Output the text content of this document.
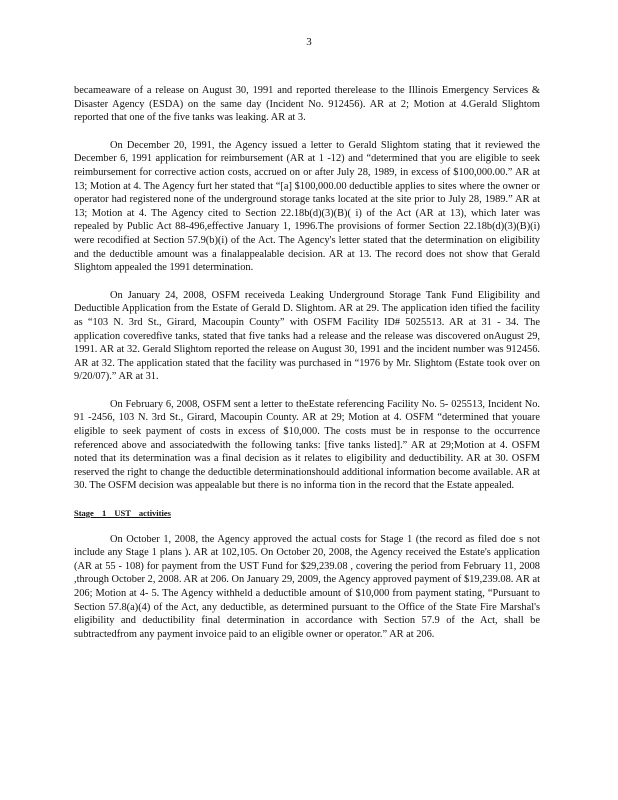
3

becameaware of a release on August 30, 1991 and reported therelease to the Illinois Emergency Services & Disaster Agency (ESDA) on the same day (Incident No. 912456). AR at 2; Motion at 4.Gerald Slightom reported that one of the five tanks was leaking. AR at 3.

On December 20, 1991, the Agency issued a letter to Gerald Slightom stating that it reviewed the December 6, 1991 application for reimbursement (AR at 1 -12) and “determined that you are eligible to seek reimbursement for corrective action costs, accrued on or after July 28, 1989, in excess of $100,000.00.” AR at 13; Motion at 4. The Agency furt her stated that “[a] $100,000.00 deductible applies to sites where the owner or operator had registered none of the underground storage tanks located at the site prior to July 28, 1989.” AR at 13; Motion at 4. The Agency cited to Section 22.18b(d)(3)(B)( i) of the Act (AR at 13), which later was repealed by Public Act 88-496,effective January 1, 1996.The provisions of former Section 22.18b(d)(3)(B)(i) were recodified at Section 57.9(b)(i) of the Act. The Agency's letter stated that the determination on eligibility and the deductible amount was a finalappealable decision. AR at 13. The record does not show that Gerald Slightom appealed the 1991 determination.

On January 24, 2008, OSFM receiveda Leaking Underground Storage Tank Fund Eligibility and Deductible Application from the Estate of Gerald D. Slightom. AR at 29. The application iden tified the facility as “103 N. 3rd St., Girard, Macoupin County” with OSFM Facility ID# 5025513. AR at 31 - 34. The application coveredfive tanks, stated that five tanks had a release and the release was discovered onAugust 29, 1991. AR at 32. Gerald Slightom reported the release on August 30, 1991 and the incident number was 912456. AR at 32. The application stated that the facility was purchased in “1976 by Mr. Slightom (Estate took over on 9/20/07).” AR at 31.

On February 6, 2008, OSFM sent a letter to theEstate referencing Facility No. 5- 025513, Incident No. 91 -2456, 103 N. 3rd St., Girard, Macoupin County. AR at 29; Motion at 4. OSFM “determined that youare eligible to seek payment of costs in excess of $10,000. The costs must be in response to the occurrence referenced above and associatedwith the following tanks: [five tanks listed].” AR at 29;Motion at 4. OSFM noted that its determination was a final decision as it relates to eligibility and deductibility. AR at 30. OSFM reserved the right to change the deductible determinationshould additional information become available. AR at 30. The OSFM decision was appealable but there is no informa tion in the record that the Estate appealed.

Stage 1 UST activities

On October 1, 2008, the Agency approved the actual costs for Stage 1 (the record as filed doe s not include any Stage 1 plans ). AR at 102,105. On October 20, 2008, the Agency received the Estate's application (AR at 55 - 108) for payment from the UST Fund for $29,239.08 , covering the period from February 11, 2008 ,through October 2, 2008. AR at 206. On January 29, 2009, the Agency approved payment of $19,239.08. AR at 206; Motion at 4- 5. The Agency withheld a deductible amount of $10,000 from payment stating, “Pursuant to Section 57.8(a)(4) of the Act, any deductible, as determined pursuant to the Office of the State Fire Marshal's eligibility and deductibility final determination in accordance with Section 57.9 of the Act, shall be subtractedfrom any payment invoice paid to an eligible owner or operator.” AR at 206.
